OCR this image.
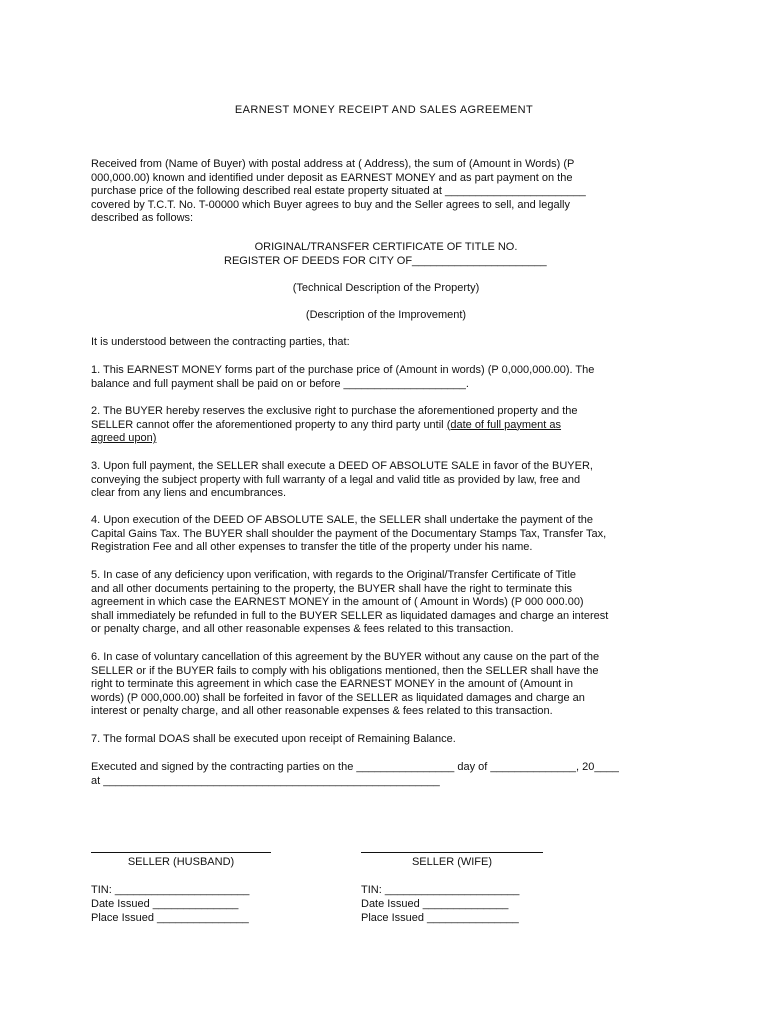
EARNEST MONEY RECEIPT AND SALES AGREEMENT

Received from (Name of Buyer) with postal address at ( Address), the sum of (Amount in Words) (P
000,000.00) known and identified under deposit as EARNEST MONEY and as part payment on the
purchase price of the following described real estate property situated at _______________________
covered by T.C.T. No. T-00000 which Buyer agrees to buy and the Seller agrees to sell, and legally
described as follows:

ORIGINAL/TRANSFER CERTIFICATE OF TITLE NO.

REGISTER OF DEEDS FOR CITY OF______________________

(Technical Description of the Property)

(Description of the Improvement)

It is understood between the contracting parties, that:

1. This EARNEST MONEY forms part of the purchase price of (Amount in words) (P 0,000,000.00). The
balance and full payment shall be paid on or before ____________________.

2. The BUYER hereby reserves the exclusive right to purchase the aforementioned property and the
SELLER cannot offer the aforementioned property to any third party until (date of full payment as
agreed upon)

3. Upon full payment, the SELLER shall execute a DEED OF ABSOLUTE SALE in favor of the BUYER,
conveying the subject property with full warranty of a legal and valid title as provided by law, free and
clear from any liens and encumbrances.

4. Upon execution of the DEED OF ABSOLUTE SALE, the SELLER shall undertake the payment of the
Capital Gains Tax. The BUYER shall shoulder the payment of the Documentary Stamps Tax, Transfer Tax,
Registration Fee and all other expenses to transfer the title of the property under his name.

5. In case of any deficiency upon verification, with regards to the Original/Transfer Certificate of Title
and all other documents pertaining to the property, the BUYER shall have the right to terminate this
agreement in which case the EARNEST MONEY in the amount of ( Amount in Words) (P 000 000.00)
shall immediately be refunded in full to the BUYER SELLER as liquidated damages and charge an interest
or penalty charge, and all other reasonable expenses & fees related to this transaction.

6. In case of voluntary cancellation of this agreement by the BUYER without any cause on the part of the
SELLER or if the BUYER fails to comply with his obligations mentioned, then the SELLER shall have the
right to terminate this agreement in which case the EARNEST MONEY in the amount of (Amount in
words) (P 000,000.00) shall be forfeited in favor of the SELLER as liquidated damages and charge an
interest or penalty charge, and all other reasonable expenses & fees related to this transaction.

7. The formal DOAS shall be executed upon receipt of Remaining Balance.

Executed and signed by the contracting parties on the ________________ day of ______________, 20____
at _______________________________________________________

SELLER (HUSBAND)	SELLER (WIFE)
TIN: ______________________
Date Issued ______________
Place Issued _______________
TIN: ______________________
Date Issued ______________
Place Issued _______________
